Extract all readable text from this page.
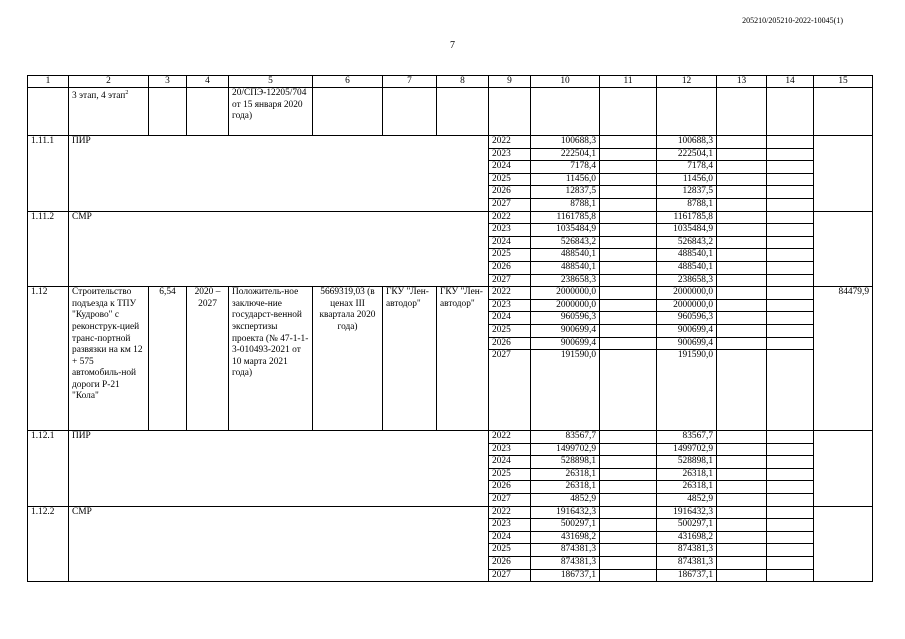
205210/205210-2022-10045(1)
7
1	2	3	4	5	6	7	8	9	10	11	12	13	14	15
	3 этап, 4 этап$^2$			20/СПЭ-12205/704 от 15 января 2020 года)										
1.11.1	ПИР							2022	100688,3		100688,3			
								2023	222504,1		222504,1			
								2024	7178,4		7178,4			
								2025	11456,0		11456,0			
								2026	12837,5		12837,5			
								2027	8788,1		8788,1			
1.11.2	СМР							2022	1161785,8		1161785,8			
								2023	1035484,9		1035484,9			
								2024	526843,2		526843,2			
								2025	488540,1		488540,1			
								2026	488540,1		488540,1			
								2027	238658,3		238658,3			
1.12	Строительство подъезда к ТПУ "Кудрово" с реконструк-цией транс-портной развязки на км 12 + 575 автомобиль-ной дороги Р-21 "Кола"	6,54	2020 – 2027	Положитель-ное заключе-ние государст-венной экспертизы проекта (№ 47-1-1-3-010493-2021 от 10 марта 2021 года)	5669319,03 (в ценах III квартала 2020 года)	ГКУ "Лен-автодор"	ГКУ "Лен-автодор"	2022	2000000,0		2000000,0			84479,9
								2023	2000000,0		2000000,0			
								2024	960596,3		960596,3			
								2025	900699,4		900699,4			
								2026	900699,4		900699,4			
								2027	191590,0		191590,0			
1.12.1	ПИР							2022	83567,7		83567,7			
								2023	1499702,9		1499702,9			
								2024	528898,1		528898,1			
								2025	26318,1		26318,1			
								2026	26318,1		26318,1			
								2027	4852,9		4852,9			
1.12.2	СМР							2022	1916432,3		1916432,3			
								2023	500297,1		500297,1			
								2024	431698,2		431698,2			
								2025	874381,3		874381,3			
								2026	874381,3		874381,3			
								2027	186737,1		186737,1			
